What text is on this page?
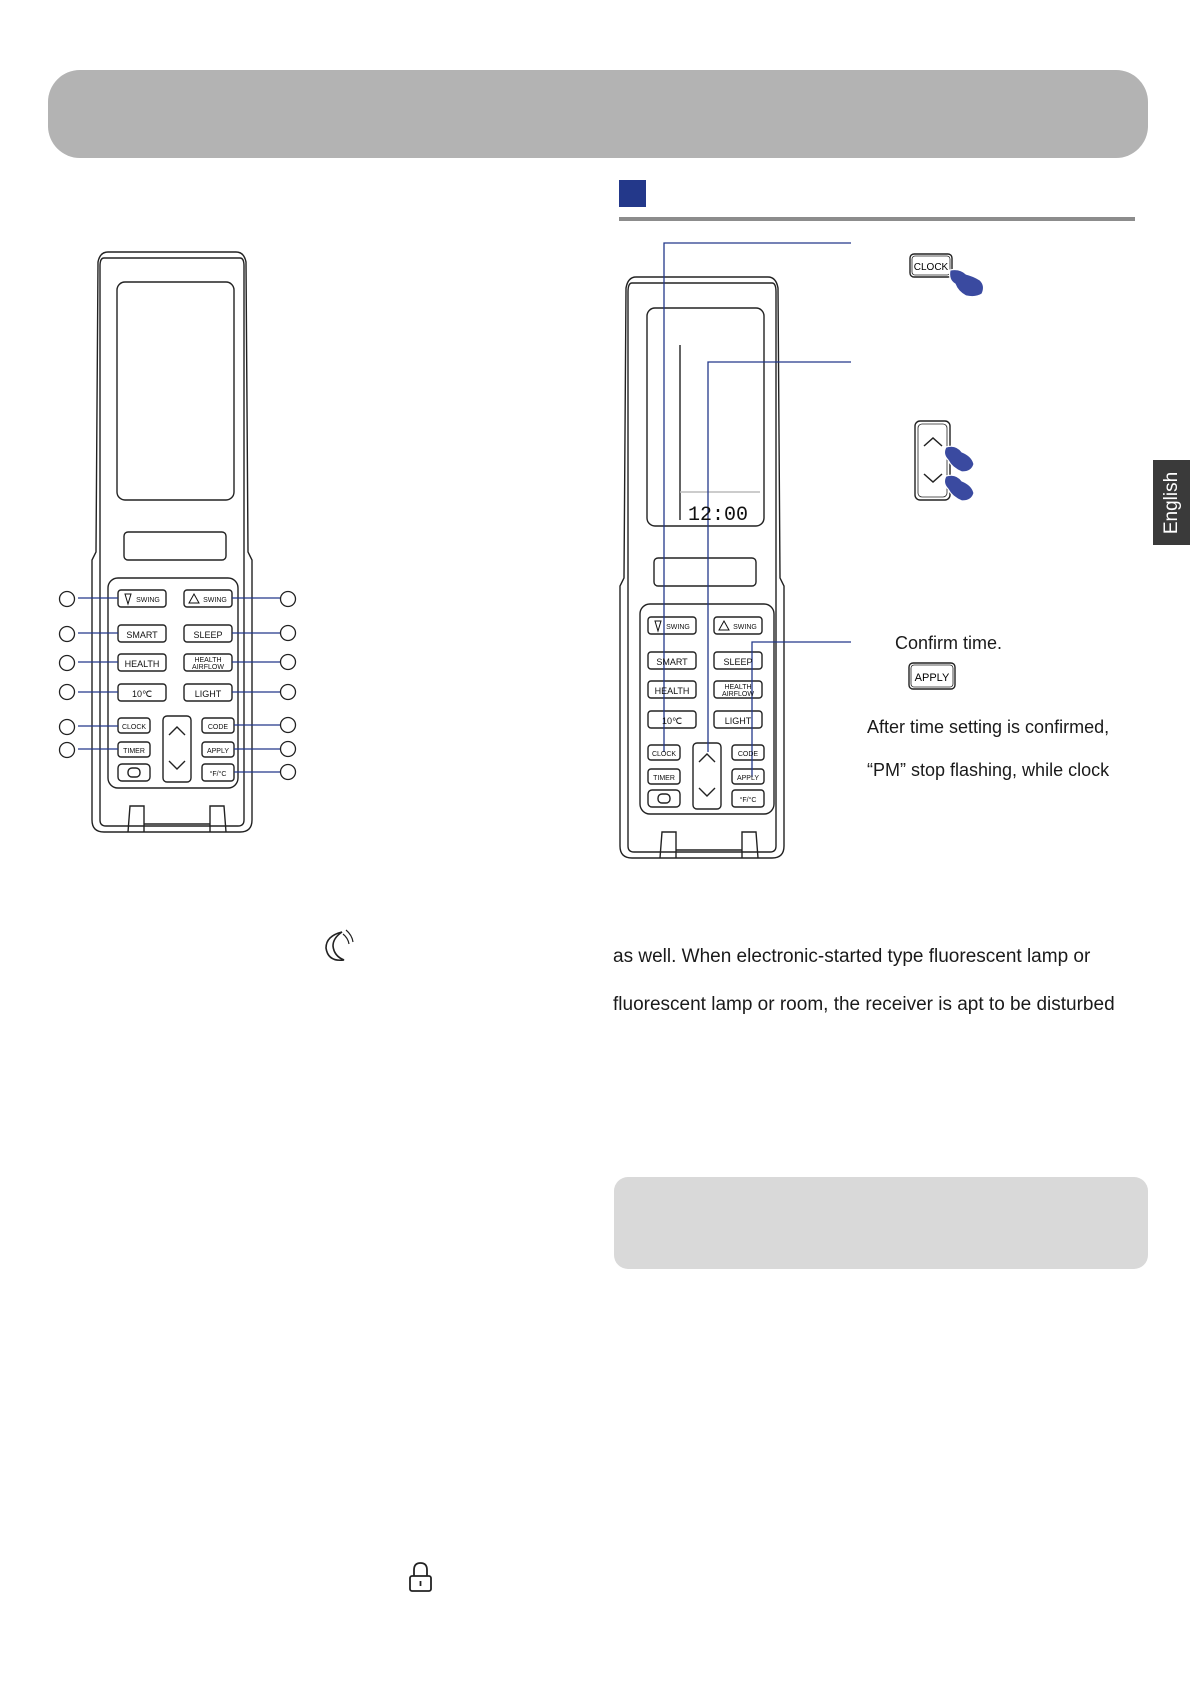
English
SWING	SWING
SMART	SLEEP
HEALTH	HEALTH
AIRFLOW
10℃	LIGHT
CLOCK	CODE
TIMER	APPLY
°F/°C
12:00
SWING	SWING
SMART	SLEEP
HEALTH	HEALTH
AIRFLOW
10℃	LIGHT
CLOCK	CODE
TIMER	APPLY
°F/°C
CLOCK
APPLY
Confirm time.
After time setting is confirmed,
“PM” stop flashing, while clock
as well. When electronic-started type fluorescent lamp or
fluorescent lamp or room, the receiver is apt to be disturbed
